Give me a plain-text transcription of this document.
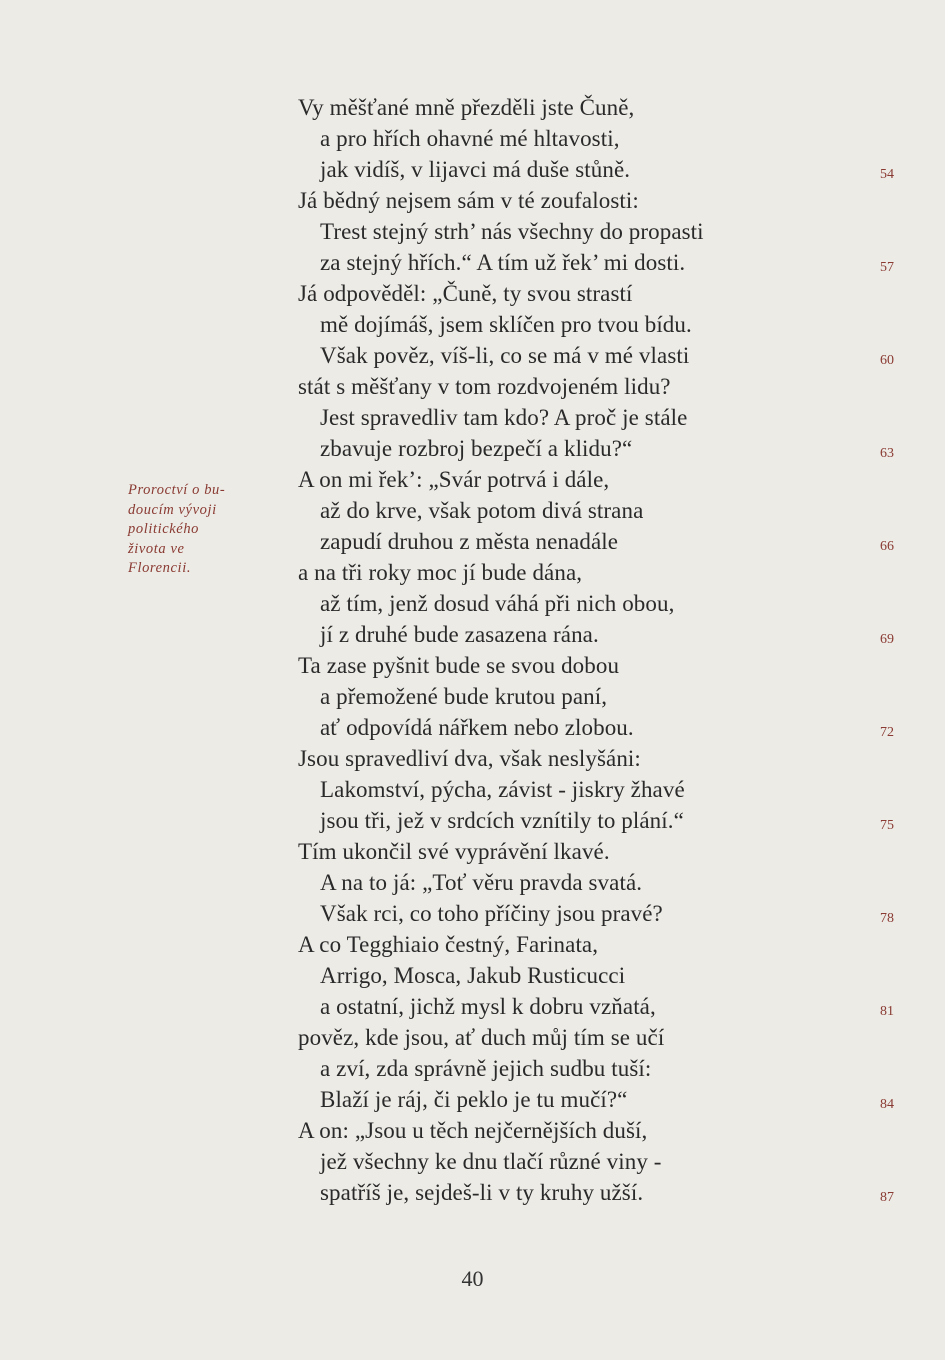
Proroctví o bu-
doucím vývoji
politického
života ve
Florencii.
Vy měšťané mně přezděli jste Čuně,
a pro hřích ohavné mé hltavosti,
jak vidíš, v lijavci má duše stůně.
Já bědný nejsem sám v té zoufalosti:
Trest stejný strh’ nás všechny do propasti
za stejný hřích.“ A tím už řek’ mi dosti.
Já odpověděl: „Čuně, ty svou strastí
mě dojímáš, jsem sklíčen pro tvou bídu.
Však pověz, víš-li, co se má v mé vlasti
stát s měšťany v tom rozdvojeném lidu?
Jest spravedliv tam kdo? A proč je stále
zbavuje rozbroj bezpečí a klidu?“
A on mi řek’: „Svár potrvá i dále,
až do krve, však potom divá strana
zapudí druhou z města nenadále
a na tři roky moc jí bude dána,
až tím, jenž dosud váhá při nich obou,
jí z druhé bude zasazena rána.
Ta zase pyšnit bude se svou dobou
a přemožené bude krutou paní,
ať odpovídá nářkem nebo zlobou.
Jsou spravedliví dva, však neslyšáni:
Lakomství, pýcha, závist - jiskry žhavé
jsou tři, jež v srdcích vznítily to plání.“
Tím ukončil své vyprávění lkavé.
A na to já: „Toť věru pravda svatá.
Však rci, co toho příčiny jsou pravé?
A co Tegghiaio čestný, Farinata,
Arrigo, Mosca, Jakub Rusticucci
a ostatní, jichž mysl k dobru vzňatá,
pověz, kde jsou, ať duch můj tím se učí
a zví, zda správně jejich sudbu tuší:
Blaží je ráj, či peklo je tu mučí?“
A on: „Jsou u těch nejčernějších duší,
jež všechny ke dnu tlačí různé viny -
spatříš je, sejdeš-li v ty kruhy užší.
54
57
60
63
66
69
72
75
78
81
84
87
40
